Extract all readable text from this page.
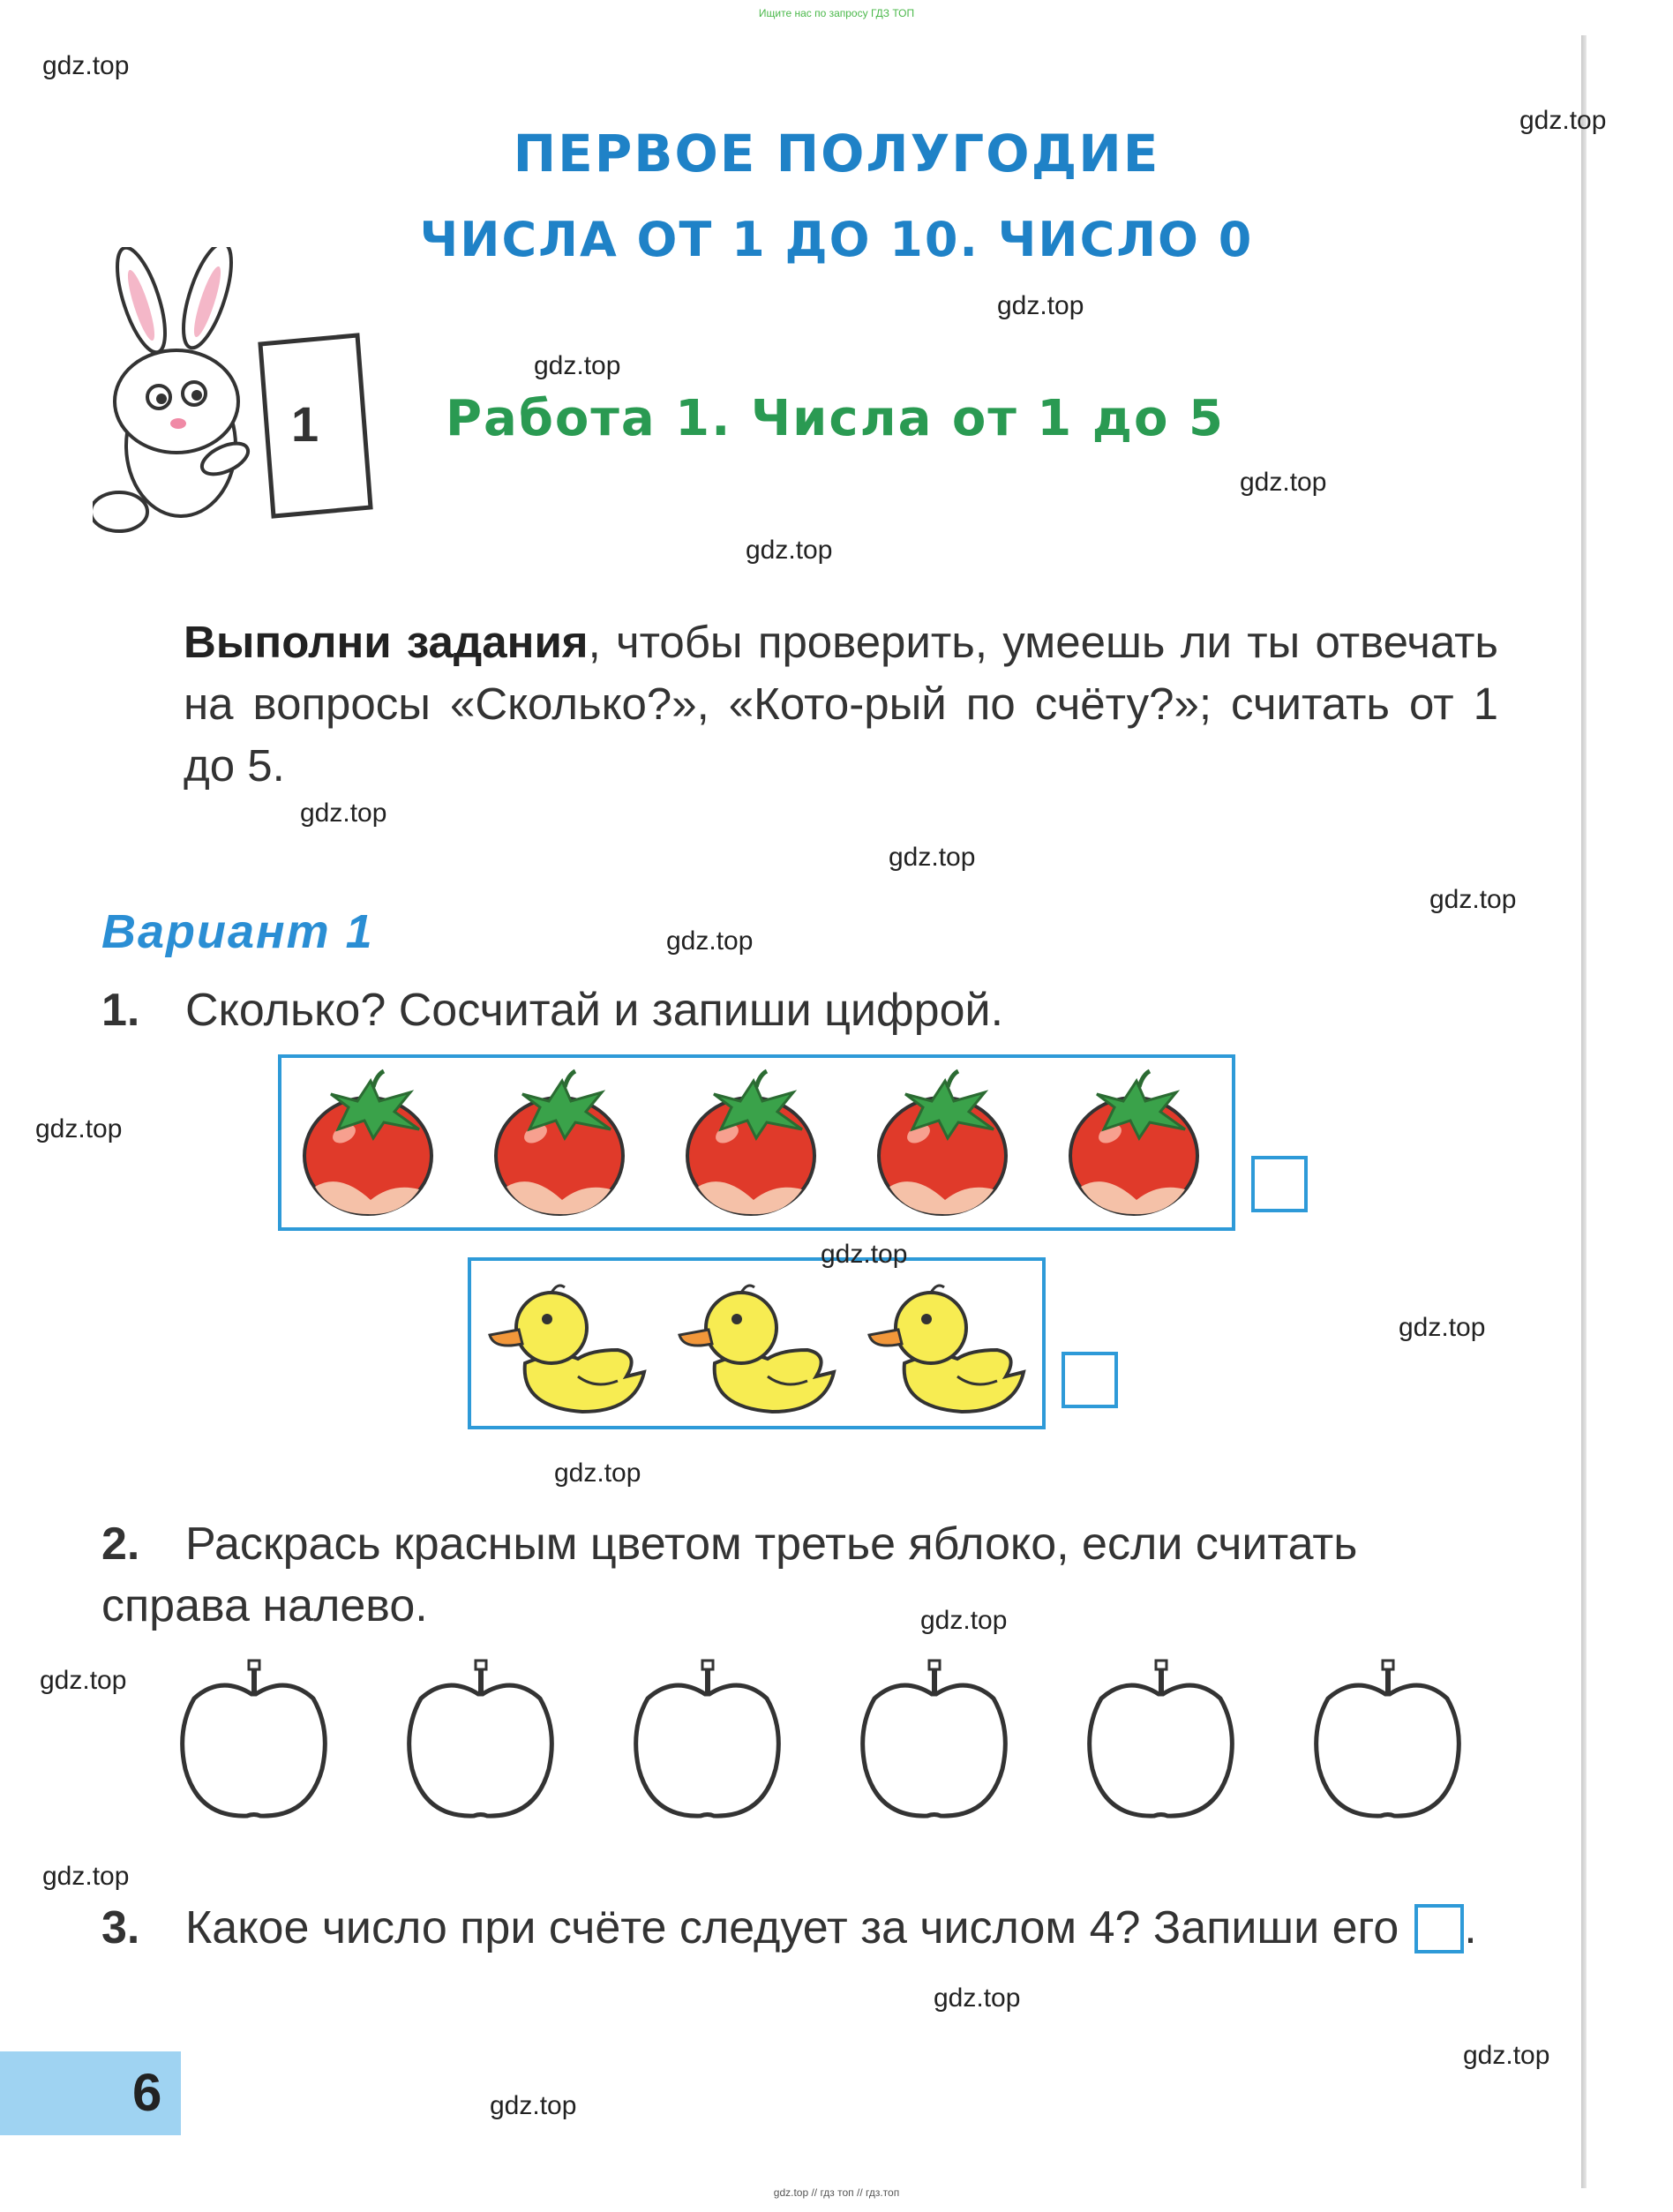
Ищите нас по запросу ГДЗ ТОП
ПЕРВОЕ ПОЛУГОДИЕ
ЧИСЛА ОТ 1 ДО 10. ЧИСЛО 0
1	Работа 1. Числа от 1 до 5
Выполни задания, чтобы проверить, умеешь ли ты отвечать на вопросы «Сколько?», «Кото-рый по счёту?»; считать от 1 до 5.
Вариант 1
1. Сколько? Сосчитай и запиши цифрой.
2. Раскрась красным цветом третье яблоко, если считать справа налево.
3. Какое число при счёте следует за числом 4? Запиши его .
6
gdz.top
gdz.top
gdz.top
gdz.top
gdz.top
gdz.top
gdz.top
gdz.top
gdz.top
gdz.top
gdz.top
gdz.top
gdz.top
gdz.top
gdz.top
gdz.top
gdz.top
gdz.top
gdz.top
gdz.top
gdz.top // гдз топ // гдз.топ
